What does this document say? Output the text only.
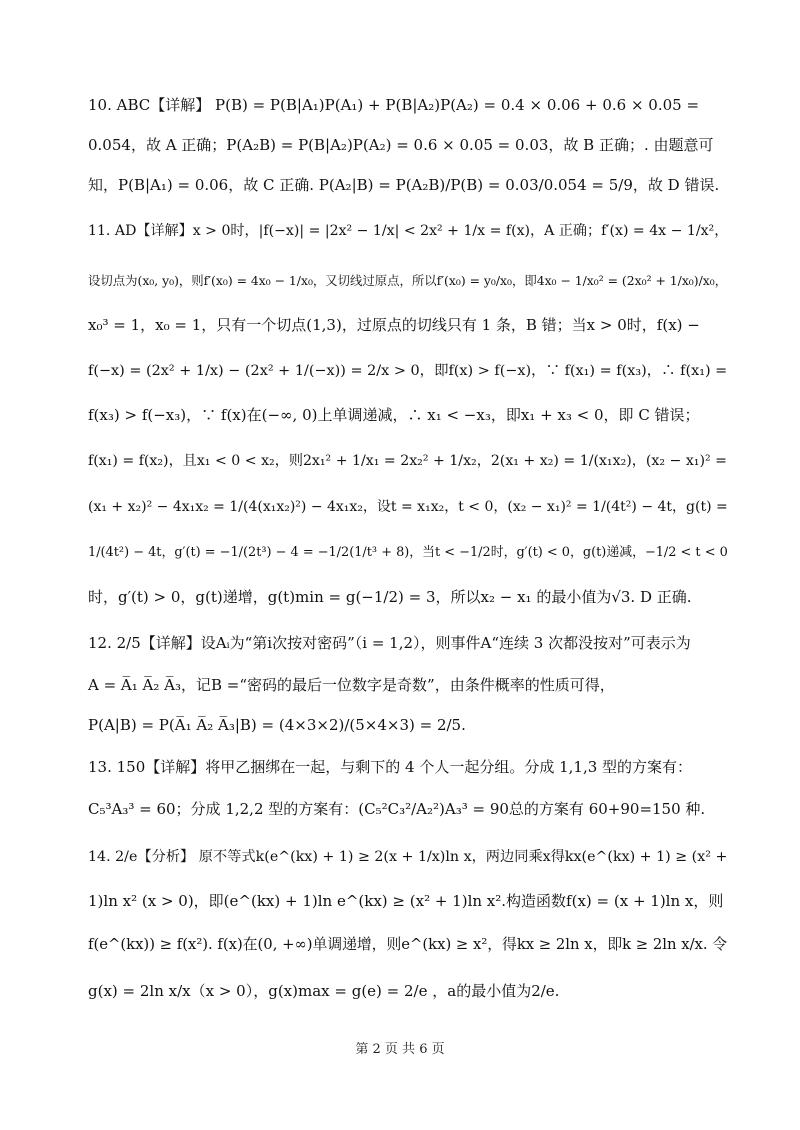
10. ABC【详解】 P(B) = P(B|A₁)P(A₁) + P(B|A₂)P(A₂) = 0.4 × 0.06 + 0.6 × 0.05 =
0.054，故 A 正确；P(A₂B) = P(B|A₂)P(A₂) = 0.6 × 0.05 = 0.03，故 B 正确；. 由题意可
知，P(B|A₁) = 0.06，故 C 正确. P(A₂|B) = P(A₂B)/P(B) = 0.03/0.054 = 5/9，故 D 错误.
11. AD【详解】x > 0时，|f(−x)| = |2x² − 1/x| < 2x² + 1/x = f(x)，A 正确；f′(x) = 4x − 1/x²，
设切点为(x₀, y₀)，则f′(x₀) = 4x₀ − 1/x₀，又切线过原点，所以f′(x₀) = y₀/x₀，即4x₀ − 1/x₀² = (2x₀² + 1/x₀)/x₀，
x₀³ = 1，x₀ = 1，只有一个切点(1,3)，过原点的切线只有 1 条，B 错；当x > 0时，f(x) −
f(−x) = (2x² + 1/x) − (2x² + 1/(−x)) = 2/x > 0，即f(x) > f(−x)，∵ f(x₁) = f(x₃)，∴ f(x₁) =
f(x₃) > f(−x₃)，∵ f(x)在(−∞, 0)上单调递减，∴ x₁ < −x₃，即x₁ + x₃ < 0，即 C 错误；
f(x₁) = f(x₂)，且x₁ < 0 < x₂，则2x₁² + 1/x₁ = 2x₂² + 1/x₂，2(x₁ + x₂) = 1/(x₁x₂)，(x₂ − x₁)² =
(x₁ + x₂)² − 4x₁x₂ = 1/(4(x₁x₂)²) − 4x₁x₂，设t = x₁x₂，t < 0，(x₂ − x₁)² = 1/(4t²) − 4t，g(t) =
1/(4t²) − 4t，g′(t) = −1/(2t³) − 4 = −1/2(1/t³ + 8)，当t < −1/2时，g′(t) < 0，g(t)递减，−1/2 < t < 0
时，g′(t) > 0，g(t)递增，g(t)min = g(−1/2) = 3，所以x₂ − x₁ 的最小值为√3. D 正确.
12. 2/5【详解】设Aᵢ为“第i次按对密码”（i = 1,2），则事件A“连续 3 次都没按对”可表示为
A = A̅₁ A̅₂ A̅₃，记B =“密码的最后一位数字是奇数”，由条件概率的性质可得，
P(A|B) = P(A̅₁ A̅₂ A̅₃|B) = (4×3×2)/(5×4×3) = 2/5.
13. 150【详解】将甲乙捆绑在一起，与剩下的 4 个人一起分组。分成 1,1,3 型的方案有：
C₅³A₃³ = 60；分成 1,2,2 型的方案有：(C₅²C₃²/A₂²)A₃³ = 90总的方案有 60+90=150 种.
14. 2/e【分析】 原不等式k(e^(kx) + 1) ≥ 2(x + 1/x)ln x，两边同乘x得kx(e^(kx) + 1) ≥ (x² +
1)ln x² (x > 0)，即(e^(kx) + 1)ln e^(kx) ≥ (x² + 1)ln x².构造函数f(x) = (x + 1)ln x，则
f(e^(kx)) ≥ f(x²). f(x)在(0, +∞)单调递增，则e^(kx) ≥ x²，得kx ≥ 2ln x，即k ≥ 2ln x/x. 令
g(x) = 2ln x/x（x > 0），g(x)max = g(e) = 2/e ，a的最小值为2/e.
第 2 页 共 6 页
